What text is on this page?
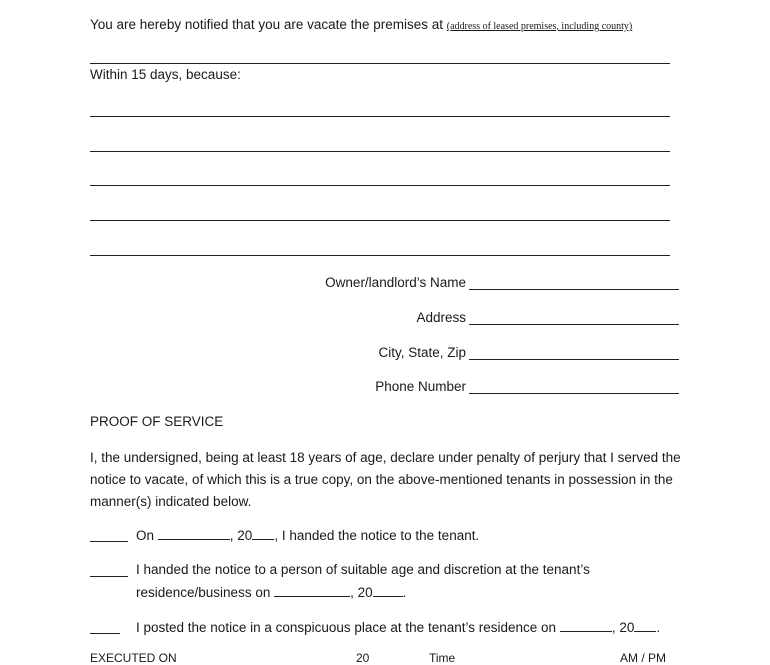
You are hereby notified that you are vacate the premises at (address of leased premises, including county)
Within 15 days, because:
Owner/landlord’s Name
Address
City, State, Zip
Phone Number
PROOF OF SERVICE
I, the undersigned, being at least 18 years of age, declare under penalty of perjury that I served the notice to vacate, of which this is a true copy, on the above-mentioned tenants in possession in the manner(s) indicated below.
On	, 20 , I handed the notice to the tenant.
I handed the notice to a person of suitable age and discretion at the tenant’s
residence/business on	, 20 .
I posted the notice in a conspicuous place at the tenant’s residence on	, 20 .
EXECUTED ON	20	Time	AM / PM
